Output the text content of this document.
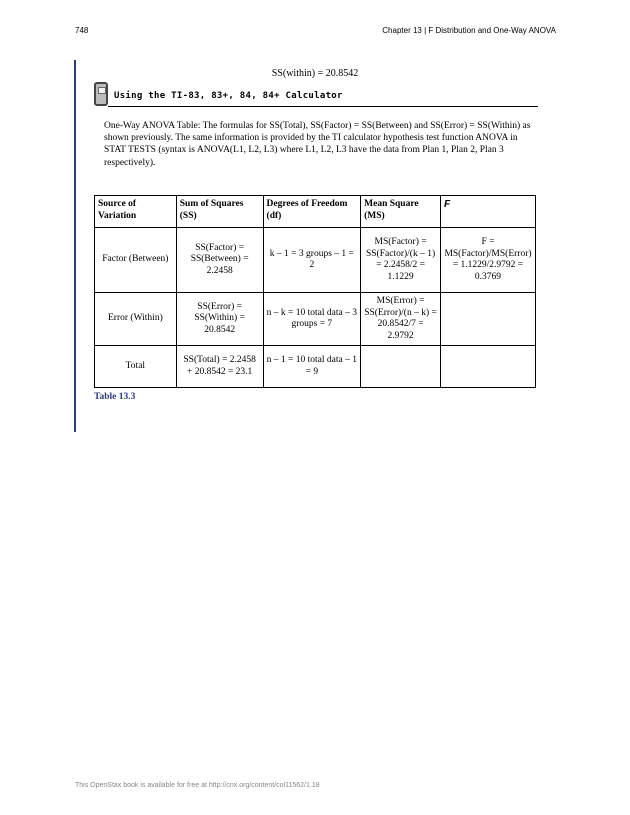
748	Chapter 13 | F Distribution and One-Way ANOVA
SS(within) = 20.8542
Using the TI-83, 83+, 84, 84+ Calculator
One-Way ANOVA Table: The formulas for SS(Total), SS(Factor) = SS(Between) and SS(Error) = SS(Within) as shown previously. The same information is provided by the TI calculator hypothesis test function ANOVA in STAT TESTS (syntax is ANOVA(L1, L2, L3) where L1, L2, L3 have the data from Plan 1, Plan 2, Plan 3 respectively).
Source of Variation	Sum of Squares (SS)	Degrees of Freedom (df)	Mean Square (MS)	F
Factor (Between)	SS(Factor) = SS(Between) = 2.2458	k – 1 = 3 groups – 1 = 2	MS(Factor) = SS(Factor)/(k – 1) = 2.2458/2 = 1.1229	F = MS(Factor)/MS(Error) = 1.1229/2.9792 = 0.3769
Error (Within)	SS(Error) = SS(Within) = 20.8542	n – k = 10 total data – 3 groups = 7	MS(Error) = SS(Error)/(n – k) = 20.8542/7 = 2.9792	
Total	SS(Total) = 2.2458 + 20.8542 = 23.1	n – 1 = 10 total data – 1 = 9		
Table 13.3
This OpenStax book is available for free at http://cnx.org/content/col11562/1.18
